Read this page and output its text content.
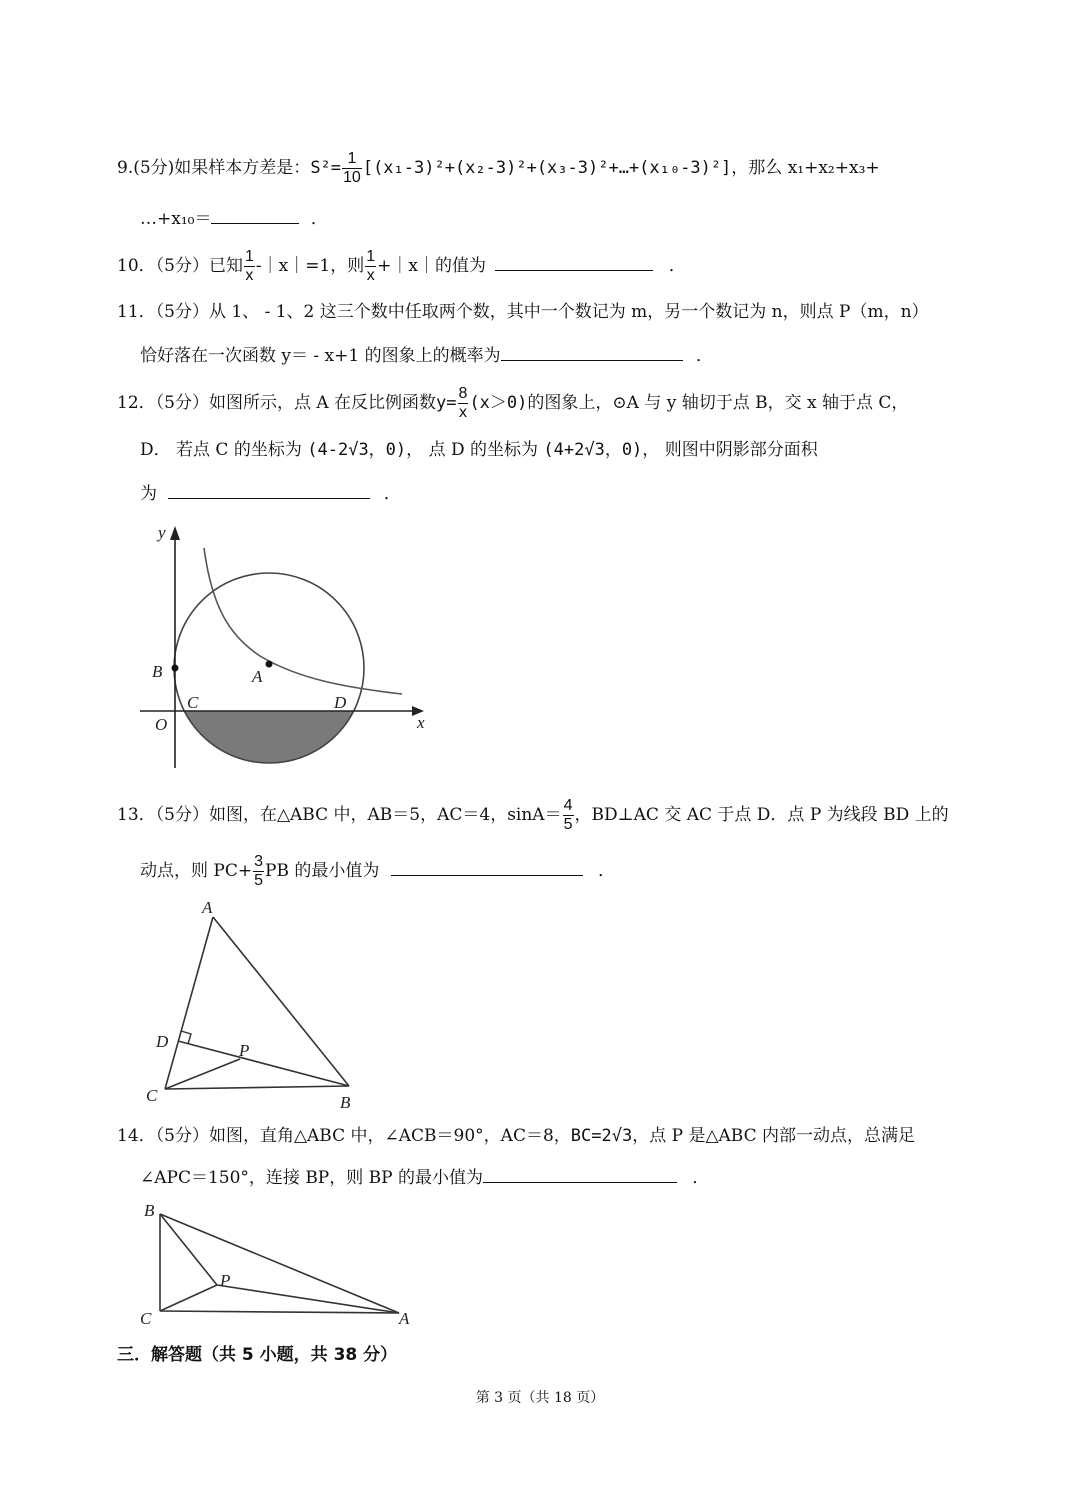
9.(5分)如果样本方差是：$S^2= \frac{1}{10}$ [(x₁-3)²+(x₂-3)²+(x₃-3)²+…+(x₁₀-3)²]，那么 x₁+x₂+x₃+
…+x₁₀＝	．
10．（5分）已知 $\frac{1}{x}$ -｜x｜=1，则 $\frac{1}{x}$ +｜x｜的值为	．
11．（5分）从 1、 - 1、2 这三个数中任取两个数，其中一个数记为 m，另一个数记为 n，则点 P（m，n）
恰好落在一次函数 y＝ - x+1 的图象上的概率为	．
12．（5分）如图所示，点 A 在反比例函数$y= \frac{8}{x} (x>0)$的图象上，⊙A 与 y 轴切于点 B，交 x 轴于点 C，
D． 若点 C 的坐标为 (4-2√3，0)， 点 D 的坐标为 (4+2√3，0)， 则图中阴影部分面积
为	．
y
B	A
C	D
O	x
13．（5分）如图，在△ABC 中，AB＝5，AC＝4，$\sin A= \frac{4}{5}$ ，BD⊥AC 交 AC 于点 D．点 P 为线段 BD 上的
动点，则 $PC+ \frac{3}{5}$ PB 的最小值为	．
A
D	P
C	B
14．（5分）如图，直角△ABC 中，∠ACB＝90°，AC＝8，BC=2√3，点 P 是△ABC 内部一动点，总满足
∠APC＝150°，连接 BP，则 BP 的最小值为	．
B
P
C	A
三．解答题（共 5 小题，共 38 分）
第 3 页（共 18 页）
